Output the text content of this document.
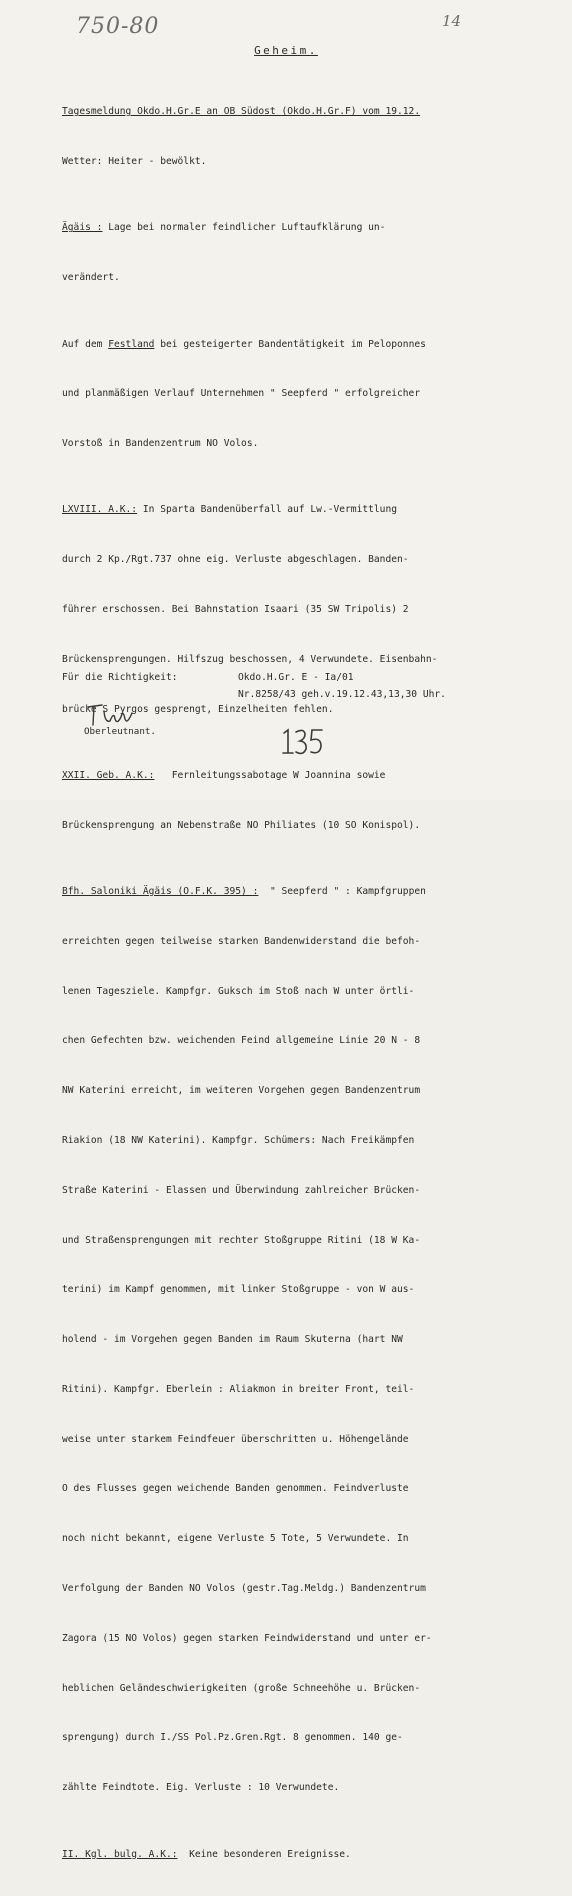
750-80	14
Geheim.

Tagesmeldung Okdo.H.Gr.E an OB Südost (Okdo.H.Gr.F) vom 19.12.

Wetter: Heiter - bewölkt.

Ägäis : Lage bei normaler feindlicher Luftaufklärung un-

verändert.

Auf dem Festland bei gesteigerter Bandentätigkeit im Peloponnes

und planmäßigen Verlauf Unternehmen " Seepferd " erfolgreicher

Vorstoß in Bandenzentrum NO Volos.

LXVIII. A.K.: In Sparta Bandenüberfall auf Lw.-Vermittlung

durch 2 Kp./Rgt.737 ohne eig. Verluste abgeschlagen. Banden-

führer erschossen. Bei Bahnstation Isaari (35 SW Tripolis) 2

Brückensprengungen. Hilfszug beschossen, 4 Verwundete. Eisenbahn-

brücke S Pyrgos gesprengt, Einzelheiten fehlen.

XXII. Geb. A.K.:   Fernleitungssabotage W Joannina sowie

Brückensprengung an Nebenstraße NO Philiates (10 SO Konispol).

Bfh. Saloniki Ägäis (O.F.K. 395) :  " Seepferd " : Kampfgruppen

erreichten gegen teilweise starken Bandenwiderstand die befoh-

lenen Tagesziele. Kampfgr. Guksch im Stoß nach W unter örtli-

chen Gefechten bzw. weichenden Feind allgemeine Linie 20 N - 8

NW Katerini erreicht, im weiteren Vorgehen gegen Bandenzentrum

Riakion (18 NW Katerini). Kampfgr. Schümers: Nach Freikämpfen

Straße Katerini - Elassen und Überwindung zahlreicher Brücken-

und Straßensprengungen mit rechter Stoßgruppe Ritini (18 W Ka-

terini) im Kampf genommen, mit linker Stoßgruppe - von W aus-

holend - im Vorgehen gegen Banden im Raum Skuterna (hart NW

Ritini). Kampfgr. Eberlein : Aliakmon in breiter Front, teil-

weise unter starkem Feindfeuer überschritten u. Höhengelände

O des Flusses gegen weichende Banden genommen. Feindverluste

noch nicht bekannt, eigene Verluste 5 Tote, 5 Verwundete. In

Verfolgung der Banden NO Volos (gestr.Tag.Meldg.) Bandenzentrum

Zagora (15 NO Volos) gegen starken Feindwiderstand und unter er-

heblichen Geländeschwierigkeiten (große Schneehöhe u. Brücken-

sprengung) durch I./SS Pol.Pz.Gren.Rgt. 8 genommen. 140 ge-

zählte Feindtote. Eig. Verluste : 10 Verwundete.

II. Kgl. bulg. A.K.:  Keine besonderen Ereignisse.

Für die Richtigkeit:

	Okdo.H.Gr. E - Ia/01

Nr.8258/43 geh.v.19.12.43,13,30 Uhr.

Oberleutnant.
